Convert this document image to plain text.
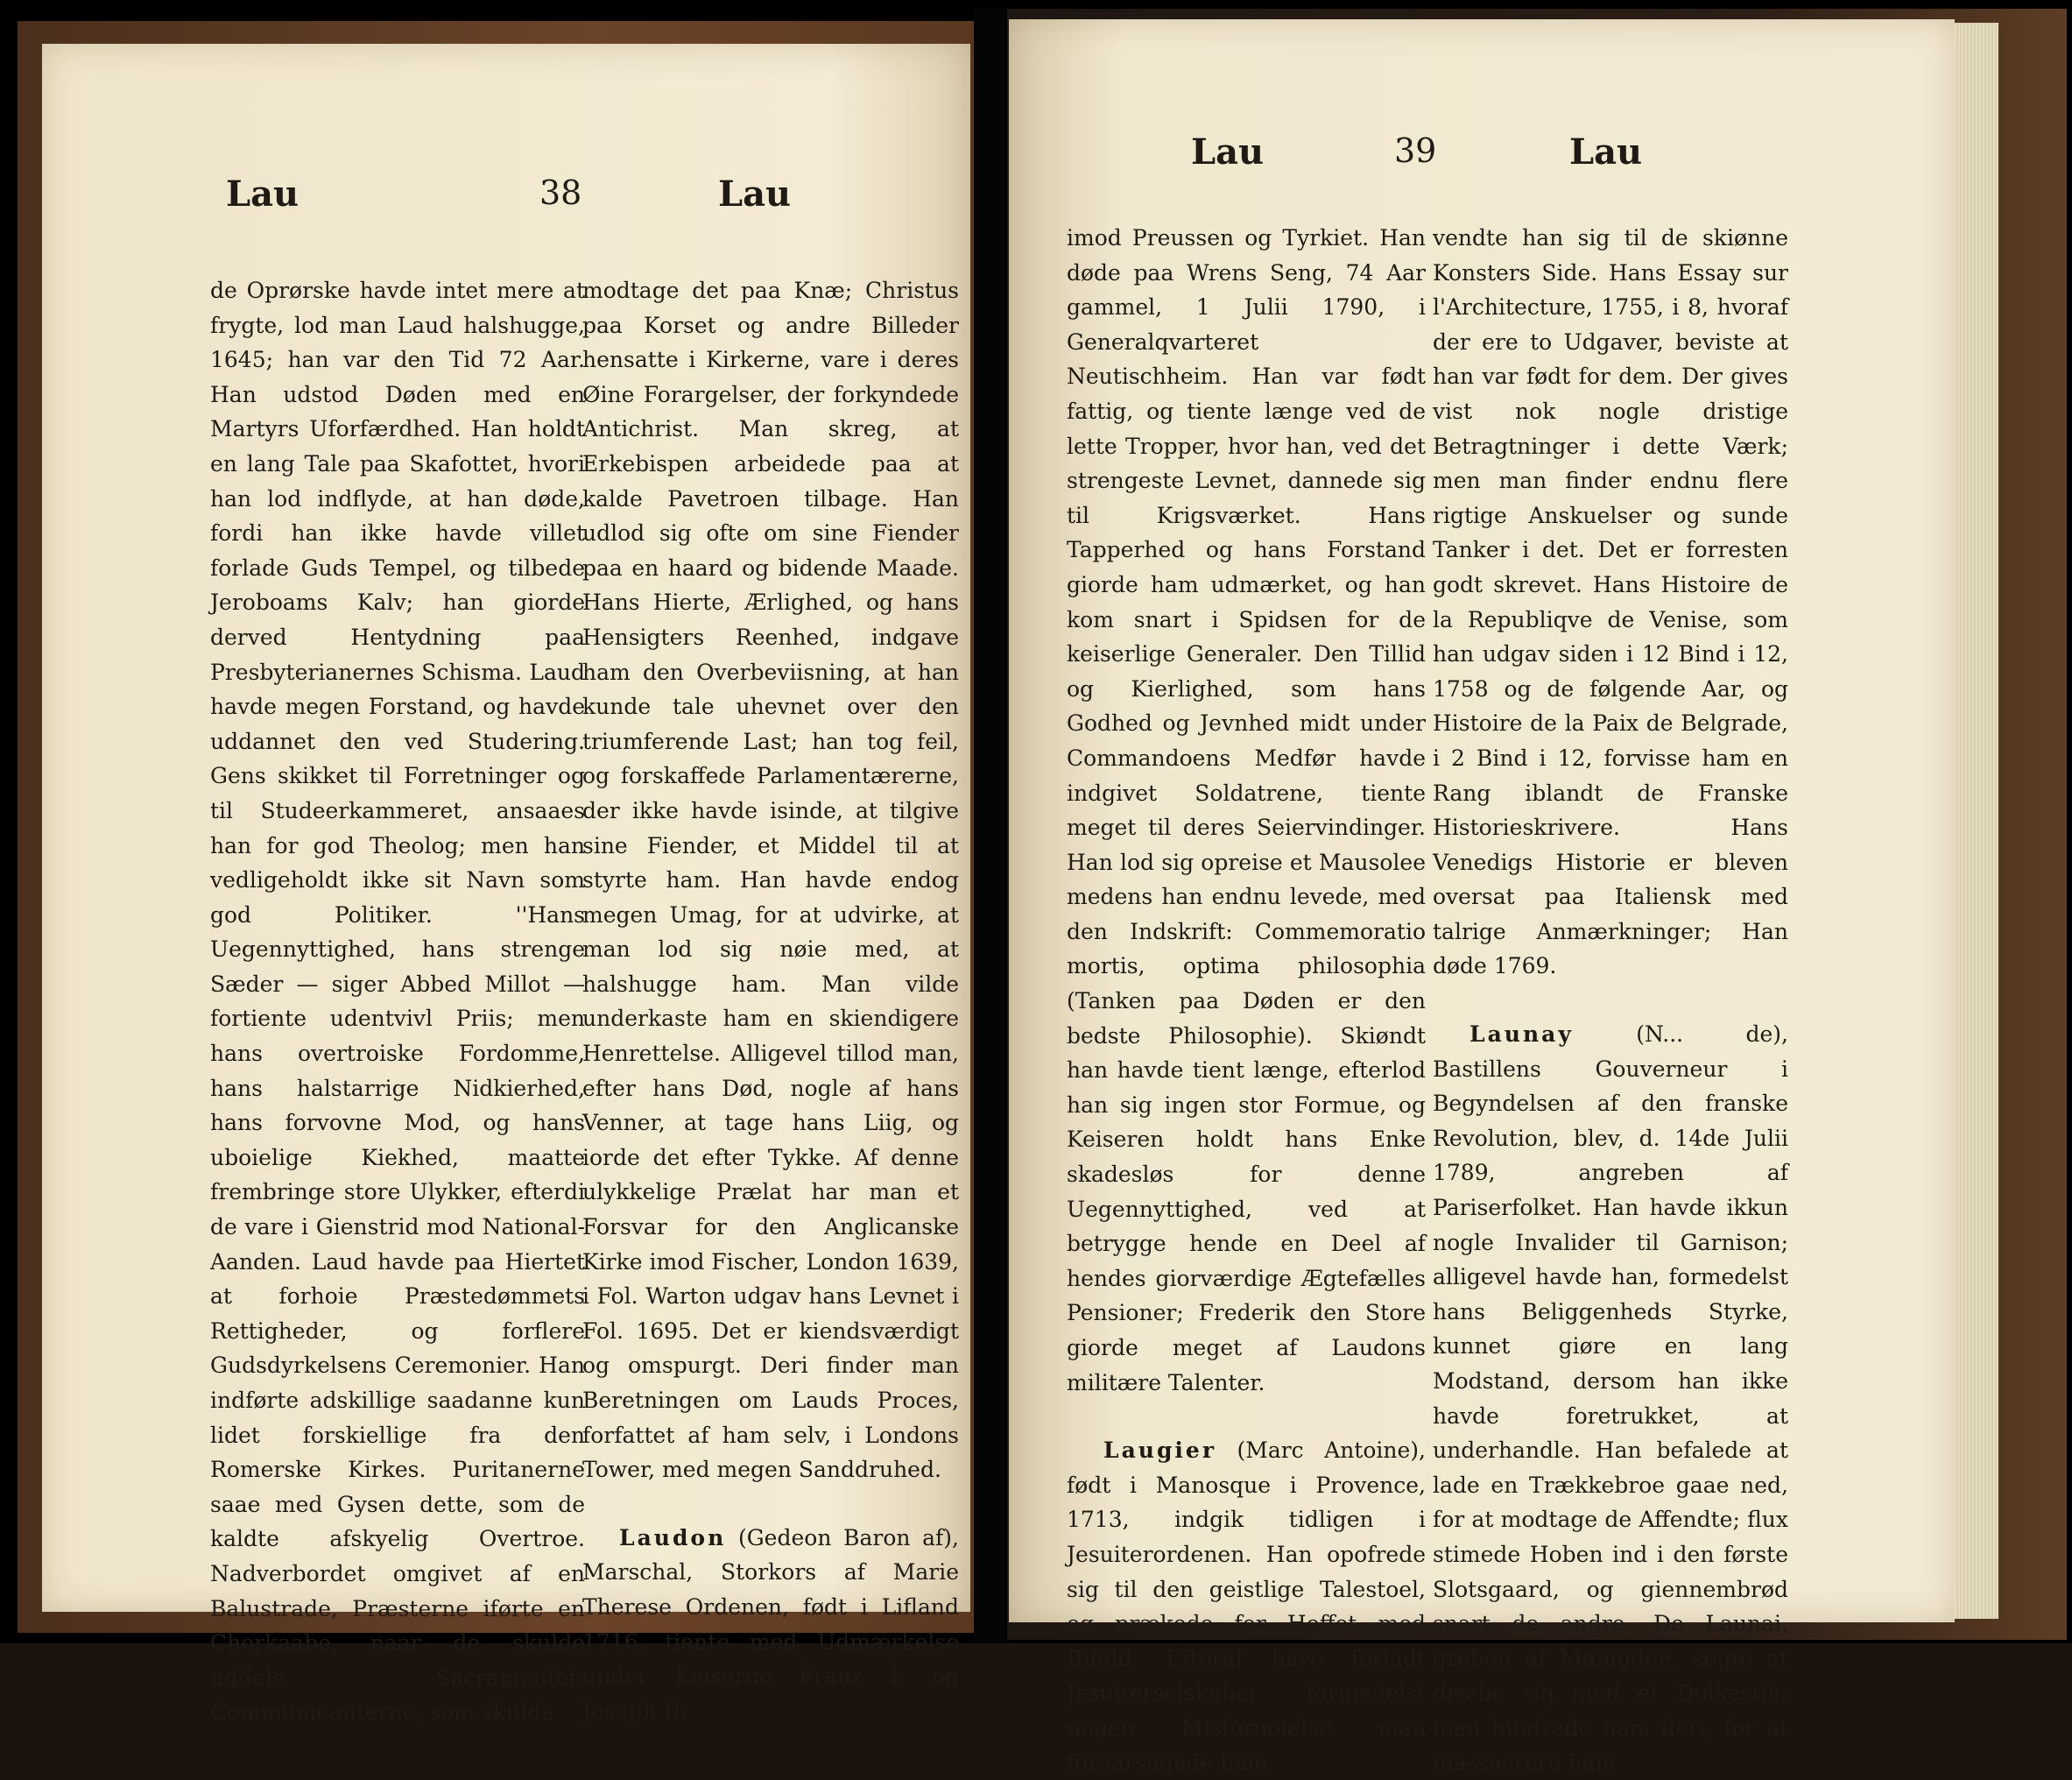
Lau	38	Lau

de Oprørske havde intet mere at frygte, lod man Laud halshugge, 1645; han var den Tid 72 Aar. Han udstod Døden med en Martyrs Uforfærdhed. Han holdt en lang Tale paa Skafottet, hvori han lod indflyde, at han døde, fordi han ikke havde villet forlade Guds Tempel, og tilbede Jeroboams Kalv; han giorde derved Hentydning paa Presbyterianernes Schisma. Laud havde megen Forstand, og havde uddannet den ved Studering. Gens skikket til Forretninger og til Studeerkammeret, ansaaes han for god Theolog; men han vedligeholdt ikke sit Navn som god Politiker. ''Hans Uegennyttighed, hans strenge Sæder — siger Abbed Millot — fortiente udentvivl Priis; men hans overtroiske Fordomme, hans halstarrige Nidkierhed, hans forvovne Mod, og hans uboielige Kiekhed, maatte frembringe store Ulykker, efterdi de vare i Gienstrid mod National-Aanden. Laud havde paa Hiertet at forhoie Præstedømmets Rettigheder, og forflere Gudsdyrkelsens Ceremonier. Han indførte adskillige saadanne kun lidet forskiellige fra den Romerske Kirkes. Puritanerne saae med Gysen dette, som de kaldte afskyelig Overtroe. Nadverbordet omgivet af en Balustrade, Præsterne iførte en Chorkaabe, naar de skulde uddele Sacramentet; Communicanterne, som skulde

modtage det paa Knæ; Christus paa Korset og andre Billeder hensatte i Kirkerne, vare i deres Øine Forargelser, der forkyndede Antichrist. Man skreg, at Erkebispen arbeidede paa at kalde Pavetroen tilbage. Han udlod sig ofte om sine Fiender paa en haard og bidende Maade. Hans Hierte, Ærlighed, og hans Hensigters Reenhed, indgave ham den Overbeviisning, at han kunde tale uhevnet over den triumferende Last; han tog feil, og forskaffede Parlamentærerne, der ikke havde isinde, at tilgive sine Fiender, et Middel til at styrte ham. Han havde endog megen Umag, for at udvirke, at man lod sig nøie med, at halshugge ham. Man vilde underkaste ham en skiendigere Henrettelse. Alligevel tillod man, efter hans Død, nogle af hans Venner, at tage hans Liig, og iorde det efter Tykke. Af denne ulykkelige Prælat har man et Forsvar for den Anglicanske Kirke imod Fischer, London 1639, i Fol. Warton udgav hans Levnet i Fol. 1695. Det er kiendsværdigt og omspurgt. Deri finder man Beretningen om Lauds Proces, forfattet af ham selv, i Londons Tower, med megen Sanddruhed.

Laudon (Gedeon Baron af), Marschal, Storkors af Marie Therese Ordenen, født i Lifland 1716, tiente med Udmærkelse under Keiserne Franz I, og Joseph II,

Lau	39	Lau

imod Preussen og Tyrkiet. Han døde paa Wrens Seng, 74 Aar gammel, 1 Julii 1790, i Generalqvarteret Neutischheim. Han var født fattig, og tiente længe ved de lette Tropper, hvor han, ved det strengeste Levnet, dannede sig til Krigsværket. Hans Tapperhed og hans Forstand giorde ham udmærket, og han kom snart i Spidsen for de keiserlige Generaler. Den Tillid og Kierlighed, som hans Godhed og Jevnhed midt under Commandoens Medfør havde indgivet Soldatrene, tiente meget til deres Seiervindinger. Han lod sig opreise et Mausolee medens han endnu levede, med den Indskrift: Commemoratio mortis, optima philosophia (Tanken paa Døden er den bedste Philosophie). Skiøndt han havde tient længe, efterlod han sig ingen stor Formue, og Keiseren holdt hans Enke skadesløs for denne Uegennyttighed, ved at betrygge hende en Deel af hendes giorværdige Ægtefælles Pensioner; Frederik den Store giorde meget af Laudons militære Talenter.

Laugier (Marc Antoine), født i Manosque i Provence, 1713, indgik tidligen i Jesuiterordenen. Han opofrede sig til den geistlige Talestoel, og prækede for Hoffet med Bifald. Efterat have forladt Jesuiterselskabet formedelst nogen Misfornoielse man foraarsagede ham,

vendte han sig til de skiønne Konsters Side. Hans Essay sur l'Architecture, 1755, i 8, hvoraf der ere to Udgaver, beviste at han var født for dem. Der gives vist nok nogle dristige Betragtninger i dette Værk; men man finder endnu flere rigtige Anskuelser og sunde Tanker i det. Det er forresten godt skrevet. Hans Histoire de la Republiqve de Venise, som han udgav siden i 12 Bind i 12, 1758 og de følgende Aar, og Histoire de la Paix de Belgrade, i 2 Bind i 12, forvisse ham en Rang iblandt de Franske Historieskrivere. Hans Venedigs Historie er bleven oversat paa Italiensk med talrige Anmærkninger; Han døde 1769.

Launay (N... de), Bastillens Gouverneur i Begyndelsen af den franske Revolution, blev, d. 14de Julii 1789, angreben af Pariserfolket. Han havde ikkun nogle Invalider til Garnison; alligevel havde han, formedelst hans Beliggenheds Styrke, kunnet giøre en lang Modstand, dersom han ikke havde foretrukket, at underhandle. Han befalede at lade en Trækkebroe gaae ned, for at modtage de Affendte; flux stimede Hoben ind i den første Slotsgaard, og giennembrød snart de andre. De Launai, greben af Mængden, søgte at dræbe sig med et Dolkestik; man hindrede ham deri, for at massacrere ham
